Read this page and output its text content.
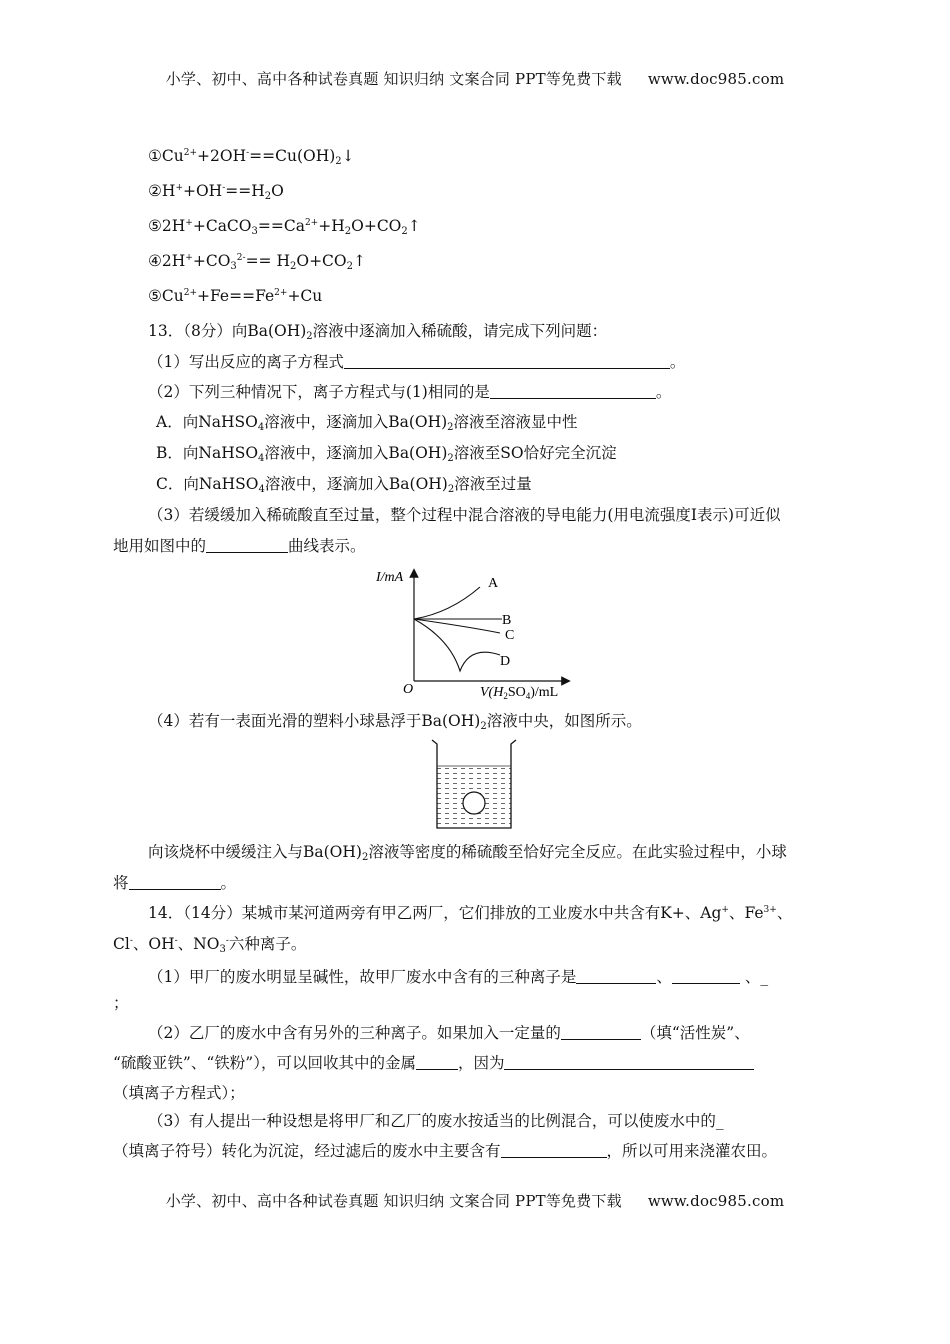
小学、初中、高中各种试卷真题 知识归纳 文案合同 PPT等免费下载 www.doc985.com
$①Cu^{2+}+2OH^-==Cu(OH)_2↓$
$②H^++OH^-==H_2O$
$⑤2H^++CaCO_3==Ca^{2+}+H_2O+CO_2↑$
$④2H^++CO_3^{2-}==$ $H_2O+CO_2↑$
$⑤Cu^{2+}+Fe==Fe^{2+}+Cu$
13．（8分）向$Ba(OH)_2$溶液中逐滴加入稀硫酸，请完成下列问题：
（1）写出反应的离子方程式	。
（2）下列三种情况下，离子方程式与(1)相同的是	。
A．向NaHSO$_4$溶液中，逐滴加入$Ba(OH)_2$溶液至溶液显中性
B．向NaHSO$_4$溶液中，逐滴加入$Ba(OH)_2$溶液至SO恰好完全沉淀
C．向NaHSO$_4$溶液中，逐滴加入$Ba(OH)_2$溶液至过量
（3）若缓缓加入稀硫酸直至过量，整个过程中混合溶液的导电能力(用电流强度I表示)可近似
地用如图中的	曲线表示。
I/mA
O	$V(H_2SO_4)/mL$
A
B
C
D
（4）若有一表面光滑的塑料小球悬浮于$Ba(OH)_2$溶液中央，如图所示。
向该烧杯中缓缓注入与$Ba(OH)_2$溶液等密度的稀硫酸至恰好完全反应。在此实验过程中，小球
将	。
14．（14分）某城市某河道两旁有甲乙两厂，它们排放的工业废水中共含有K+、Ag+、$Fe^{3+}$、
Cl-、OH-、$NO_3^-$六种离子。
（1）甲厂的废水明显呈碱性，故甲厂废水中含有的三种离子是	、	、_
；
（2）乙厂的废水中含有另外的三种离子。如果加入一定量的	（填“活性炭”、
“硫酸亚铁”、“铁粉”），可以回收其中的金属	，因为
（填离子方程式）；
（3）有人提出一种设想是将甲厂和乙厂的废水按适当的比例混合，可以使废水中的_
（填离子符号）转化为沉淀，经过滤后的废水中主要含有	，所以可用来浇灌农田。
小学、初中、高中各种试卷真题 知识归纳 文案合同 PPT等免费下载 www.doc985.com
